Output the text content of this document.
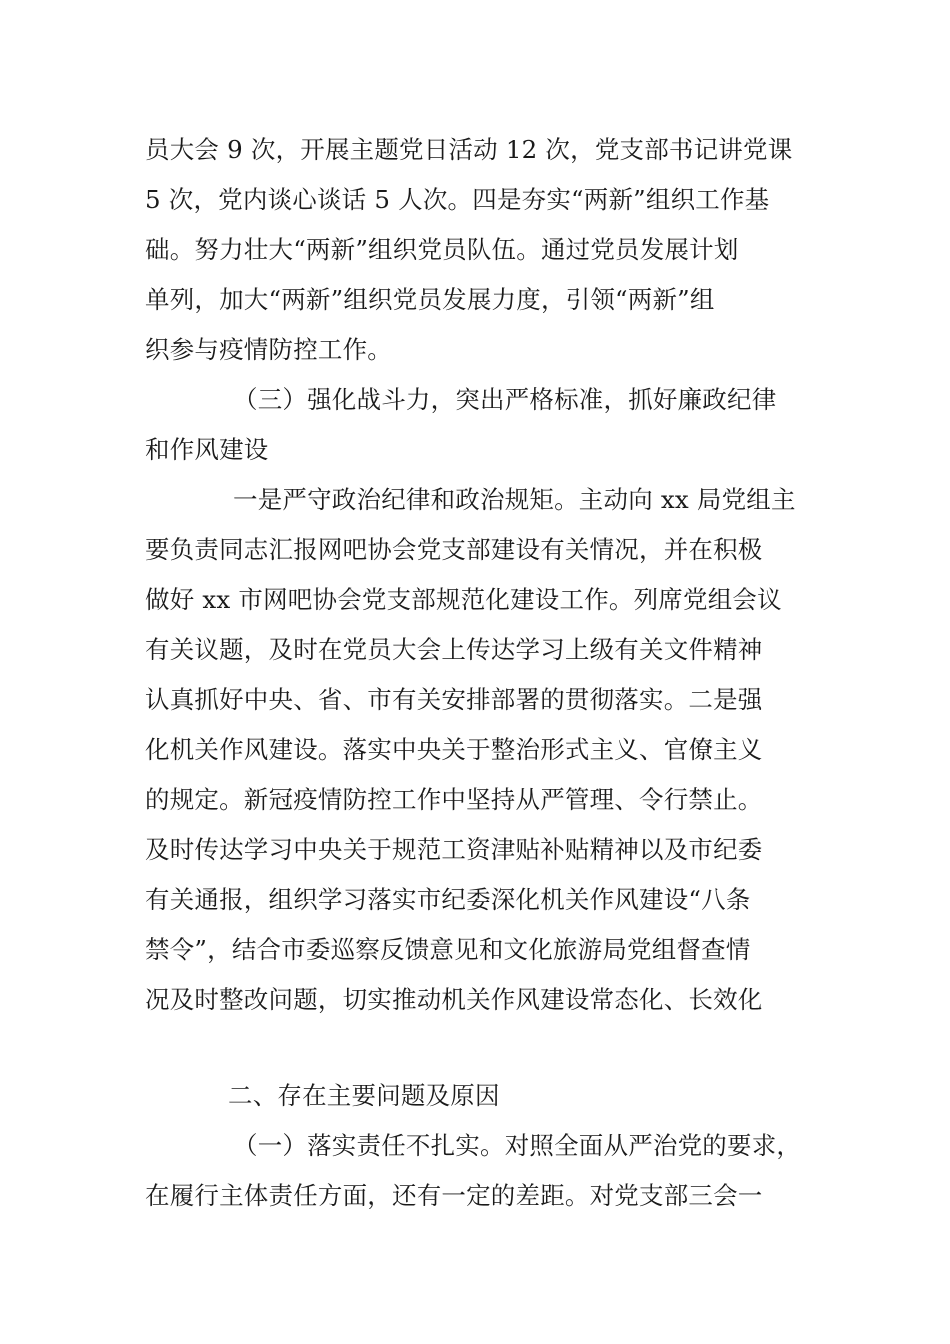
员大会 9 次，开展主题党日活动 12 次，党支部书记讲党课
5 次，党内谈心谈话 5 人次。四是夯实“两新”组织工作基
础。努力壮大“两新”组织党员队伍。通过党员发展计划
单列，加大“两新”组织党员发展力度，引领“两新”组
织参与疫情防控工作。
（三）强化战斗力，突出严格标准，抓好廉政纪律
和作风建设
一是严守政治纪律和政治规矩。主动向 xx 局党组主
要负责同志汇报网吧协会党支部建设有关情况，并在积极
做好 xx 市网吧协会党支部规范化建设工作。列席党组会议
有关议题，及时在党员大会上传达学习上级有关文件精神
认真抓好中央、省、市有关安排部署的贯彻落实。二是强
化机关作风建设。落实中央关于整治形式主义、官僚主义
的规定。新冠疫情防控工作中坚持从严管理、令行禁止。
及时传达学习中央关于规范工资津贴补贴精神以及市纪委
有关通报，组织学习落实市纪委深化机关作风建设“八条
禁令”，结合市委巡察反馈意见和文化旅游局党组督查情
况及时整改问题，切实推动机关作风建设常态化、长效化
二、存在主要问题及原因
（一）落实责任不扎实。对照全面从严治党的要求，
在履行主体责任方面，还有一定的差距。对党支部三会一
